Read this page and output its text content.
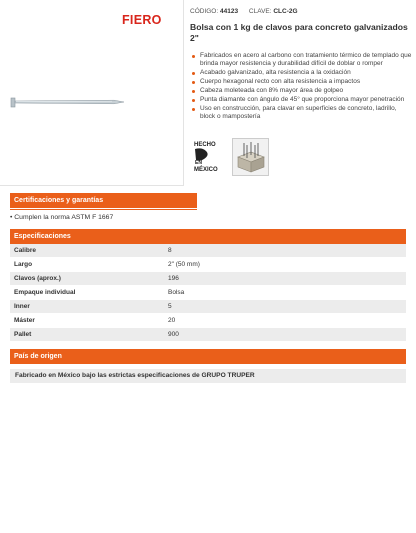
FIERO
CÓDIGO: 44123 CLAVE: CLC-2G
Bolsa con 1 kg de clavos para concreto galvanizados 2"
Fabricados en acero al carbono con tratamiento térmico de templado que brinda mayor resistencia y durabilidad difícil de doblar o romper
Acabado galvanizado, alta resistencia a la oxidación
Cuerpo hexagonal recto con alta resistencia a impactos
Cabeza moleteada con 8% mayor área de golpeo
Punta diamante con ángulo de 45° que proporciona mayor penetración
Uso en construcción, para clavar en superficies de concreto, ladrillo, block o mampostería
HECHO
EN
MÉXICO
Certificaciones y garantías
• Cumplen la norma ASTM F 1667
Especificaciones
Calibre	8
Largo	2" (50 mm)
Clavos (aprox.)	196
Empaque individual	Bolsa
Inner	5
Máster	20
Pallet	900
País de origen
Fabricado en México bajo las estrictas especificaciones de GRUPO TRUPER
